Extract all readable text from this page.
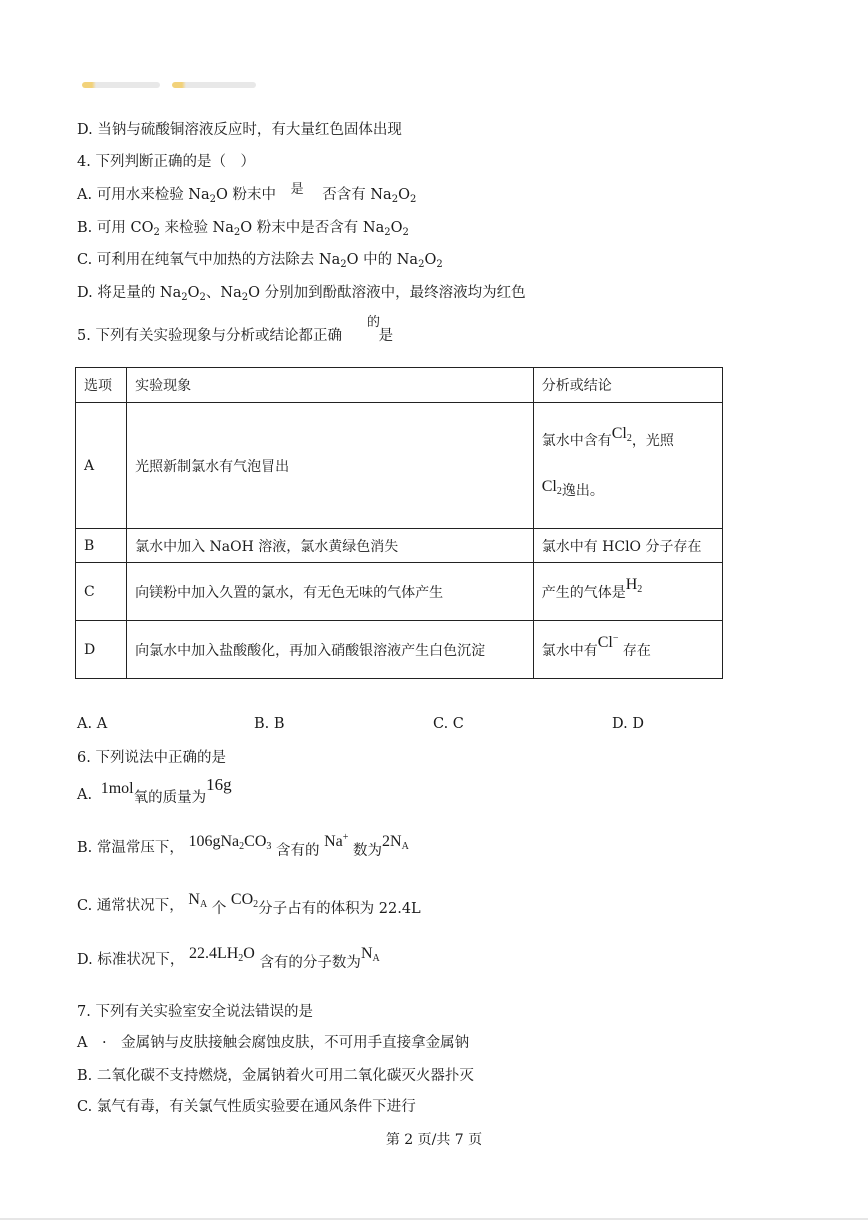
D. 当钠与硫酸铜溶液反应时，有大量红色固体出现
4. 下列判断正确的是（　）
A. 可用水来检验 $Na_2O$ 粉末中 是 否含有 $Na_2O_2$
B. 可用 $CO_2$ 来检验 $Na_2O$ 粉末中是否含有 $Na_2O_2$
C. 可利用在纯氧气中加热的方法除去 $Na_2O$ 中的 $Na_2O_2$
D. 将足量的 $Na_2O_2$、$Na_2O$ 分别加到酚酞溶液中，最终溶液均为红色
5. 下列有关实验现象与分析或结论都正确
的
是
选项	实验现象	分析或结论
A	光照新制氯水有气泡冒出	氯水中含有$Cl_2$，光照
$Cl_2$逸出。

B	氯水中加入 NaOH 溶液，氯水黄绿色消失	氯水中有 HClO 分子存在
C	向镁粉中加入久置的氯水，有无色无味的气体产生	产生的气体是$H_2$
D	向氯水中加入盐酸酸化，再加入硝酸银溶液产生白色沉淀	氯水中有Cl− 存在
A. A	B. B	C. C	D. D
6. 下列说法中正确的是
A. 1mol氧的质量为16g
B. 常温常压下， $106gNa_2CO_3$ 含有的 Na+ 数为$2N_A$
C. 通常状况下， $N_A$ 个 $CO_2$分子占有的体积为 22.4L
D. 标准状况下， $22.4LH_2O$ 含有的分子数为$N_A$
7. 下列有关实验室安全说法错误的是
A　·　金属钠与皮肤接触会腐蚀皮肤，不可用手直接拿金属钠
B. 二氧化碳不支持燃烧，金属钠着火可用二氧化碳灭火器扑灭
C. 氯气有毒，有关氯气性质实验要在通风条件下进行
第 2 页/共 7 页
